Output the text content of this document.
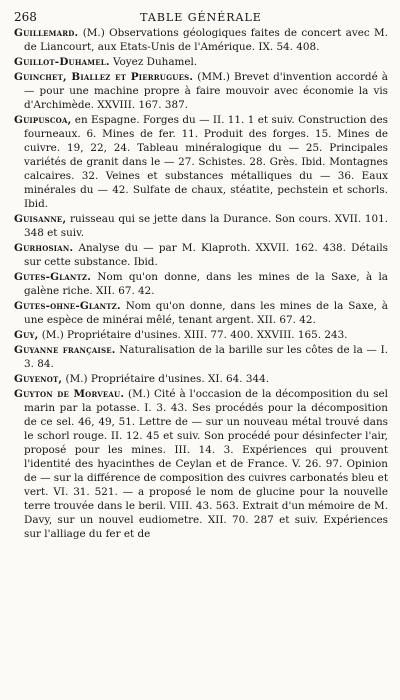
268	TABLE GÉNÉRALE

Guillemard. (M.) Observations géologiques faites de concert avec M. de Liancourt, aux Etats-Unis de l'Amérique. IX. 54. 408.

Guillot-Duhamel. Voyez Duhamel.

Guinchet, Biallez et Pierrugues. (MM.) Brevet d'invention accordé à — pour une machine propre à faire mouvoir avec économie la vis d'Archimède. XXVIII. 167. 387.

Guipuscoa, en Espagne. Forges du — II. 11. 1 et suiv. Construction des fourneaux. 6. Mines de fer. 11. Produit des forges. 15. Mines de cuivre. 19, 22, 24. Tableau minéralogique du — 25. Principales variétés de granit dans le — 27. Schistes. 28. Grès. Ibid. Montagnes calcaires. 32. Veines et substances métalliques du — 36. Eaux minérales du — 42. Sulfate de chaux, stéatite, pechstein et schorls. Ibid.

Guisanne, ruisseau qui se jette dans la Durance. Son cours. XVII. 101. 348 et suiv.

Gurhosian. Analyse du — par M. Klaproth. XXVII. 162. 438. Détails sur cette substance. Ibid.

Gutes-Glantz. Nom qu'on donne, dans les mines de la Saxe, à la galène riche. XII. 67. 42.

Gutes-ohne-Glantz. Nom qu'on donne, dans les mines de la Saxe, à une espèce de minérai mêlé, tenant argent. XII. 67. 42.

Guy, (M.) Propriétaire d'usines. XIII. 77. 400. XXVIII. 165. 243.

Guyanne française. Naturalisation de la barille sur les côtes de la — I. 3. 84.

Guyenot, (M.) Propriétaire d'usines. XI. 64. 344.

Guyton de Morveau. (M.) Cité à l'occasion de la décomposition du sel marin par la potasse. I. 3. 43. Ses procédés pour la décomposition de ce sel. 46, 49, 51. Lettre de — sur un nouveau métal trouvé dans le schorl rouge. II. 12. 45 et suiv. Son procédé pour désinfecter l'air, proposé pour les mines. III. 14. 3. Expériences qui prouvent l'identité des hyacinthes de Ceylan et de France. V. 26. 97. Opinion de — sur la différence de composition des cuivres carbonatés bleu et vert. VI. 31. 521. — a proposé le nom de glucine pour la nouvelle terre trouvée dans le beril. VIII. 43. 563. Extrait d'un mémoire de M. Davy, sur un nouvel eudiometre. XII. 70. 287 et suiv. Expériences sur l'alliage du fer et de
